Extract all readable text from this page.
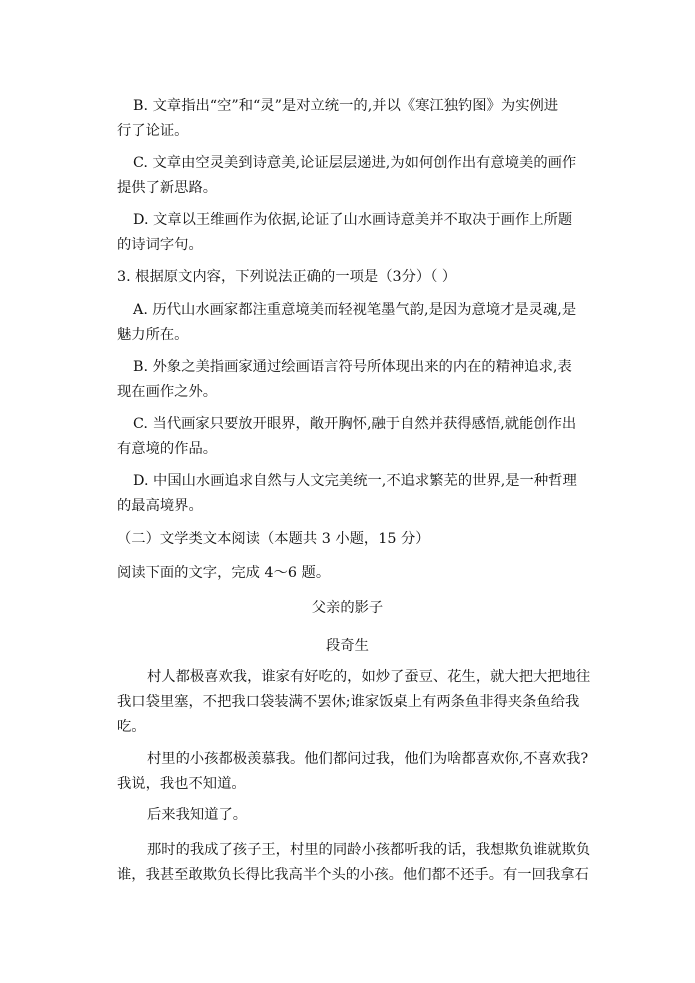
B. 文章指出“空”和“灵”是对立统一的,并以《寒江独钓图》为实例进
行了论证。
C. 文章由空灵美到诗意美,论证层层递进,为如何创作出有意境美的画作
提供了新思路。
D. 文章以王维画作为依据,论证了山水画诗意美并不取决于画作上所题
的诗词字句。
3. 根据原文内容，下列说法正确的一项是（3分）（ ）
A. 历代山水画家都注重意境美而轻视笔墨气韵,是因为意境才是灵魂,是
魅力所在。
B. 外象之美指画家通过绘画语言符号所体现出来的内在的精神追求,表
现在画作之外。
C. 当代画家只要放开眼界，敞开胸怀,融于自然并获得感悟,就能创作出
有意境的作品。
D. 中国山水画追求自然与人文完美统一,不追求繁芜的世界,是一种哲理
的最高境界。
（二）文学类文本阅读（本题共 3 小题，15 分）
阅读下面的文字，完成 4～6 题。
父亲的影子
段奇生
村人都极喜欢我，谁家有好吃的，如炒了蚕豆、花生，就大把大把地往
我口袋里塞，不把我口袋装满不罢休;谁家饭桌上有两条鱼非得夹条鱼给我
吃。
村里的小孩都极羡慕我。他们都问过我，他们为啥都喜欢你,不喜欢我?
我说，我也不知道。
后来我知道了。
那时的我成了孩子王，村里的同龄小孩都听我的话，我想欺负谁就欺负
谁，我甚至敢欺负长得比我高半个头的小孩。他们都不还手。有一回我拿石
